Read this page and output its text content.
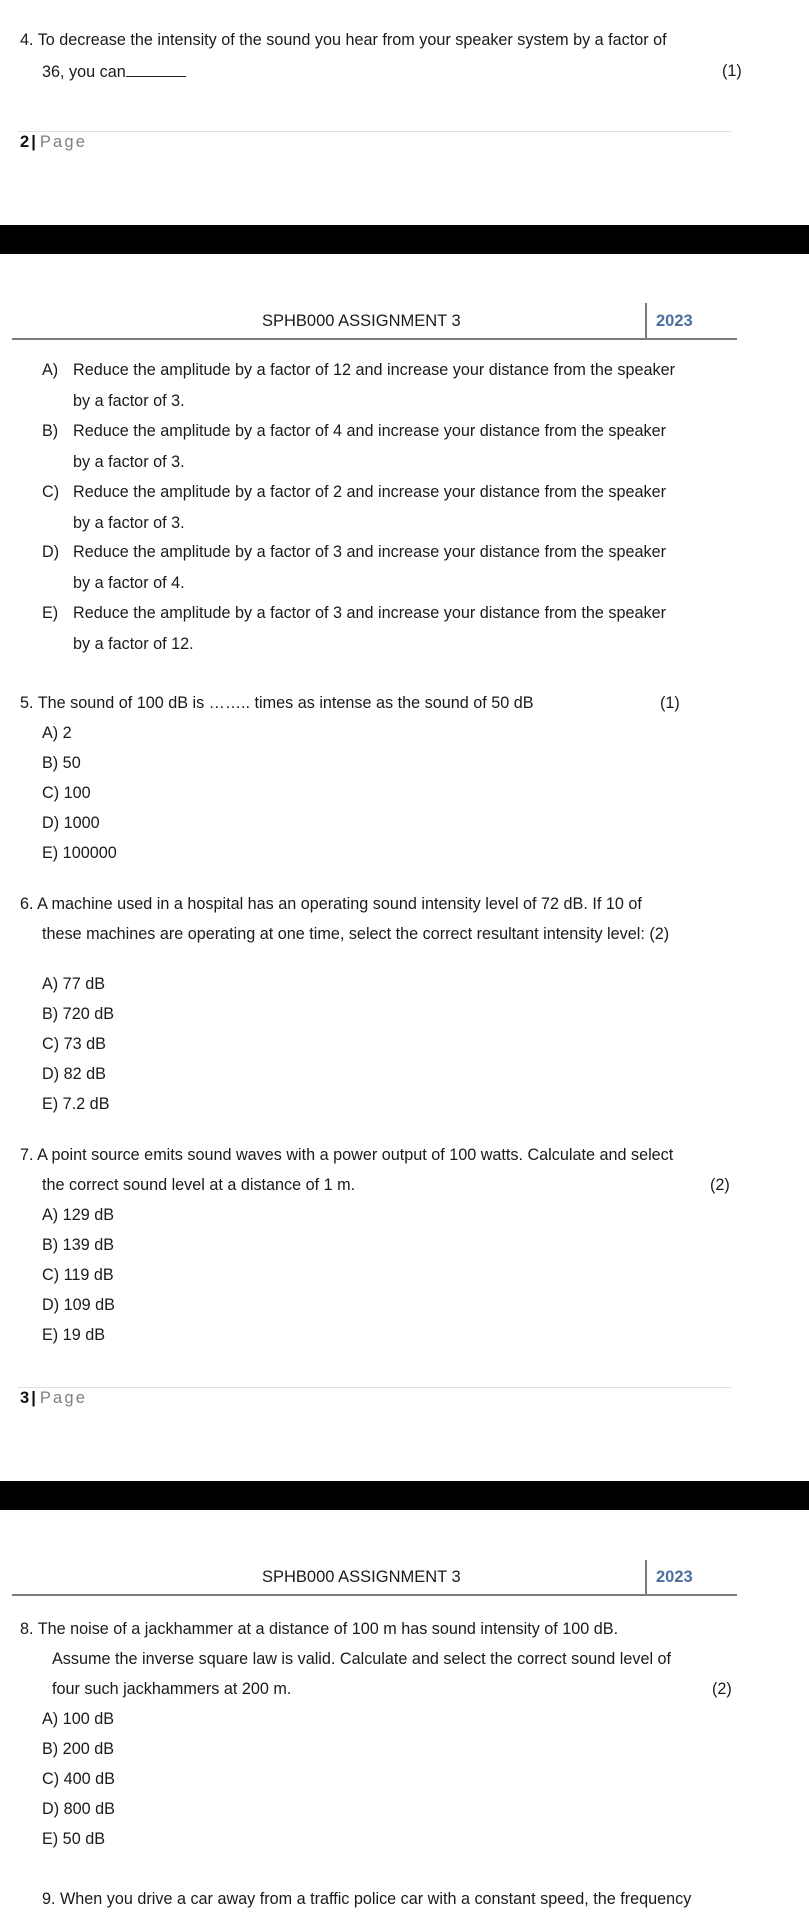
4. To decrease the intensity of the sound you hear from your speaker system by a factor of
36, you can	(1)
2 | Page
SPHB000 ASSIGNMENT 3	2023
A) Reduce the amplitude by a factor of 12 and increase your distance from the speaker
by a factor of 3.
B) Reduce the amplitude by a factor of 4 and increase your distance from the speaker
by a factor of 3.
C) Reduce the amplitude by a factor of 2 and increase your distance from the speaker
by a factor of 3.
D) Reduce the amplitude by a factor of 3 and increase your distance from the speaker
by a factor of 4.
E) Reduce the amplitude by a factor of 3 and increase your distance from the speaker
by a factor of 12.
5. The sound of 100 dB is …….. times as intense as the sound of 50 dB	(1)
A) 2
B) 50
C) 100
D) 1000
E) 100000
6. A machine used in a hospital has an operating sound intensity level of 72 dB. If 10 of
these machines are operating at one time, select the correct resultant intensity level: (2)
A) 77 dB
B) 720 dB
C) 73 dB
D) 82 dB
E) 7.2 dB
7. A point source emits sound waves with a power output of 100 watts. Calculate and select
the correct sound level at a distance of 1 m.	(2)
A) 129 dB
B) 139 dB
C) 119 dB
D) 109 dB
E) 19 dB
3 | Page
SPHB000 ASSIGNMENT 3	2023
8. The noise of a jackhammer at a distance of 100 m has sound intensity of 100 dB.
Assume the inverse square law is valid. Calculate and select the correct sound level of
four such jackhammers at 200 m.	(2)
A) 100 dB
B) 200 dB
C) 400 dB
D) 800 dB
E) 50 dB
9. When you drive a car away from a traffic police car with a constant speed, the frequency
